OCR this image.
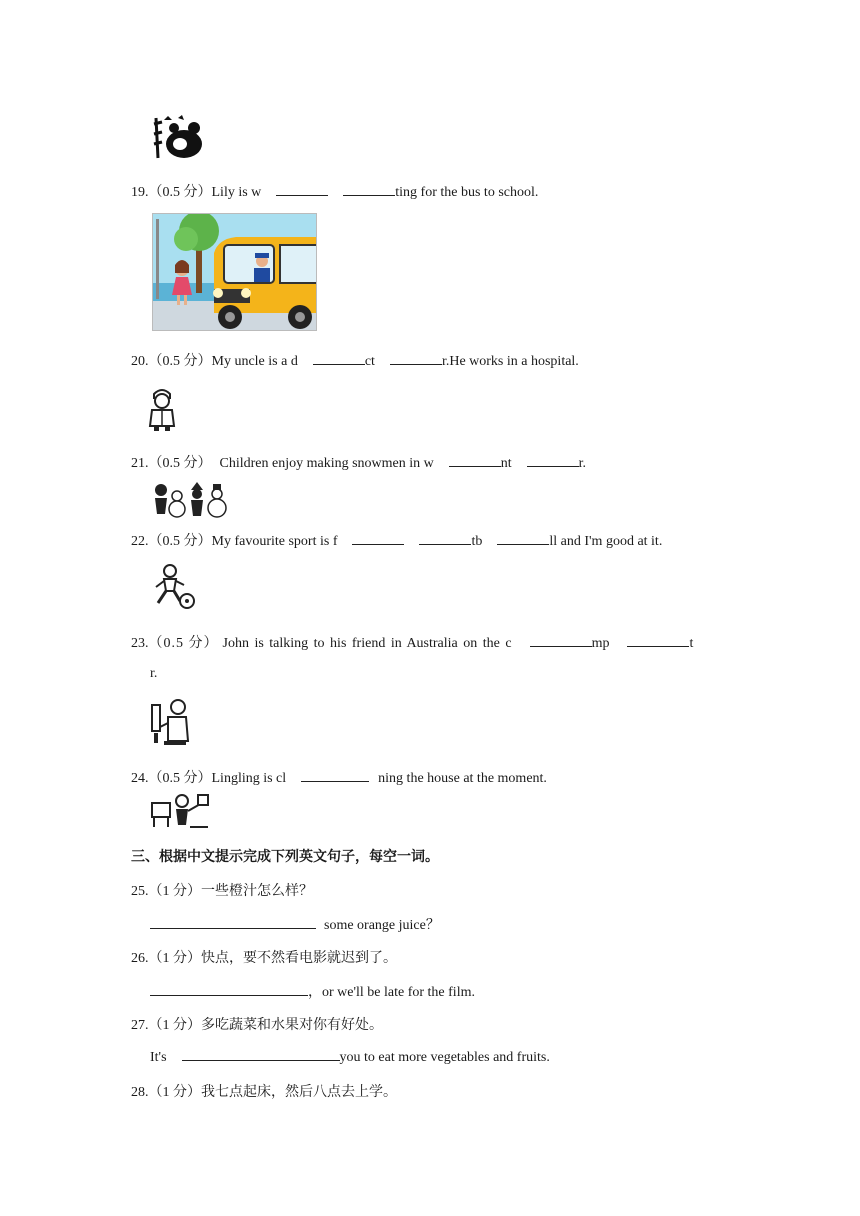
19.（0.5 分）Lily is w	ting for the bus to school.
20.（0.5 分）My uncle is a d	ct	r.He works in a hospital.
21.（0.5 分） Children enjoy making snowmen in w	nt	r.
22.（0.5 分）My favourite sport is f	tb	ll and I'm good at it.
23.（0.5 分） John is talking to his friend in Australia on the c	mp	t
r.
24.（0.5 分）Lingling is cl	ning the house at the moment.
三、根据中文提示完成下列英文句子，每空一词。
25.（1 分）一些橙汁怎么样？
some orange juice？
26.（1 分）快点，要不然看电影就迟到了。
，or we'll be late for the film.
27.（1 分）多吃蔬菜和水果对你有好处。
It's	you to eat more vegetables and fruits.
28.（1 分）我七点起床，然后八点去上学。
